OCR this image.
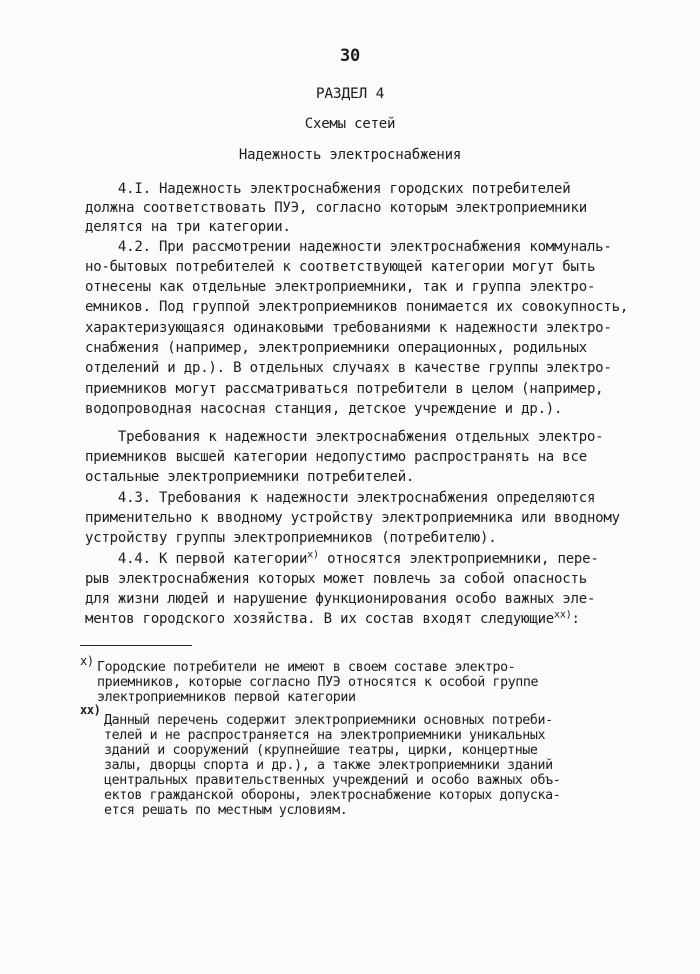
30
РАЗДЕЛ 4
Схемы сетей
Надежность электроснабжения
4.I. Надежность электроснабжения городских потребителей
должна соответствовать ПУЭ, согласно которым электроприемники
делятся на три категории.
4.2. При рассмотрении надежности электроснабжения коммуналь-
но-бытовых потребителей к соответствующей категории могут быть
отнесены как отдельные электроприемники, так и группа электро-
емников. Под группой электроприемников понимается их совокупность,
характеризующаяся одинаковыми требованиями к надежности электро-
снабжения (например, электроприемники операционных, родильных
отделений и др.). В отдельных случаях в качестве группы электро-
приемников могут рассматриваться потребители в целом (например,
водопроводная насосная станция, детское учреждение и др.).
Требования к надежности электроснабжения отдельных электро-
приемников высшей категории недопустимо распространять на все
остальные электроприемники потребителей.
4.3. Требования к надежности электроснабжения определяются
применительно к вводному устройству электроприемника или вводному
устройству группы электроприемников (потребителю).
4.4. К первой категории$^{x)}$ относятся электроприемники, пере-
рыв электроснабжения которых может повлечь за собой опасность
для жизни людей и нарушение функционирования особо важных эле-
ментов городского хозяйства. В их состав входят следующие$^{xx)}$:
x) Городские потребители не имеют в своем составе электро-
приемников, которые согласно ПУЭ относятся к особой группе
электроприемников первой категории
xx)
Данный перечень содержит электроприемники основных потреби-
телей и не распространяется на электроприемники уникальных
зданий и сооружений (крупнейшие театры, цирки, концертные
залы, дворцы спорта и др.), а также электроприемники зданий
центральных правительственных учреждений и особо важных объ-
ектов гражданской обороны, электроснабжение которых допуска-
ется решать по местным условиям.
